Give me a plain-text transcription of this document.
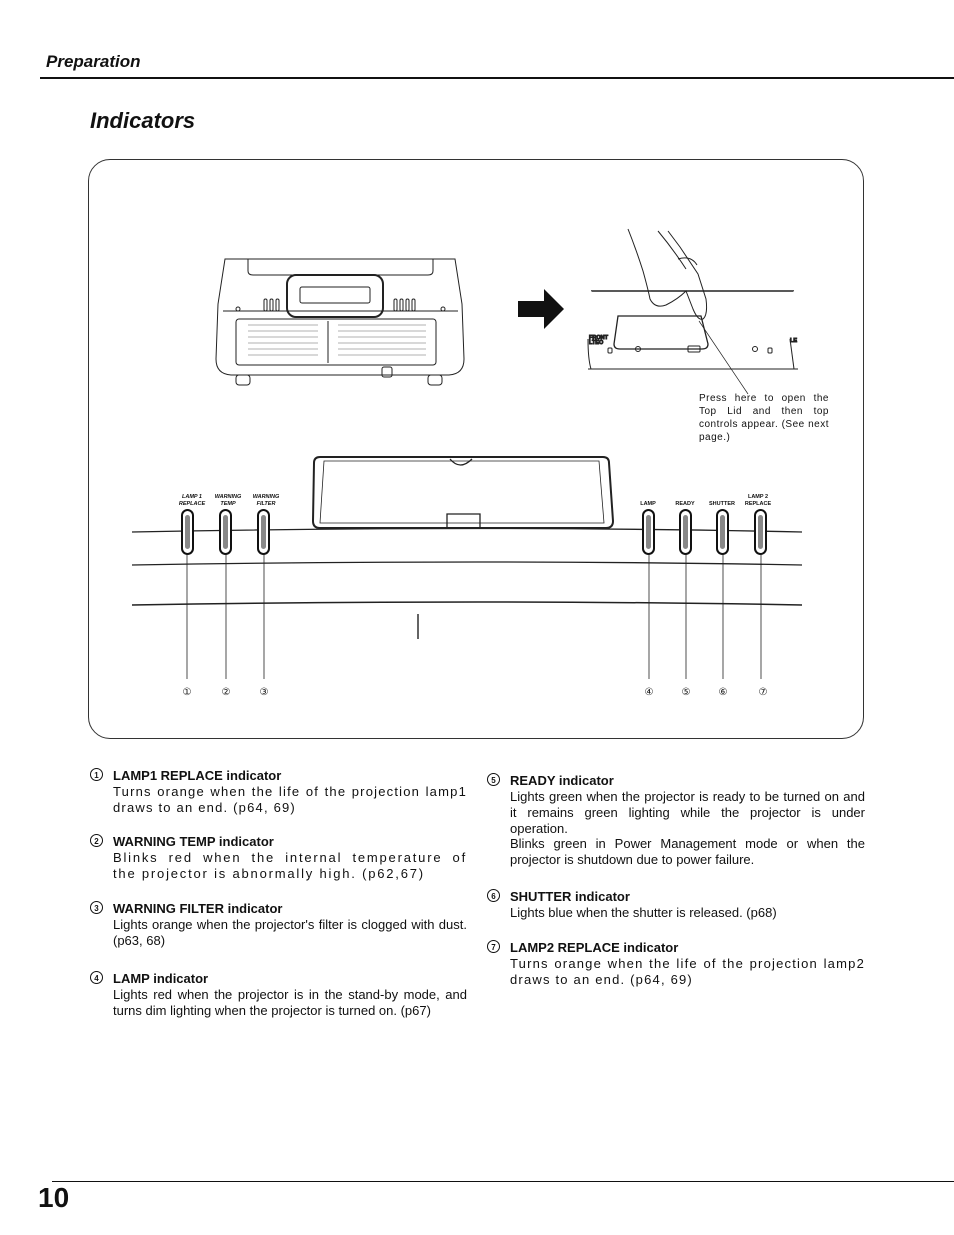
Preparation
Indicators
FRONT
LTEO	LE
LAMP 1
REPLACE
WARNING
TEMP
WARNING
FILTER	LAMP	READY	SHUTTER
LAMP 2
REPLACE
①	②	③	④	⑤	⑥	⑦

Press here to open the Top Lid and then top controls appear. (See next page.)

1	LAMP1 REPLACE indicator

Turns orange when the life of the projection lamp1 draws to an end. (p64, 69)

2	WARNING TEMP indicator

Blinks red when the internal temperature of the projector is abnormally high. (p62,67)

3	WARNING FILTER indicator

Lights orange when the projector's filter is clogged with dust. (p63, 68)

4	LAMP indicator

Lights red when the projector is in the stand-by mode, and turns dim lighting when the projector is turned on. (p67)

5	READY indicator

Lights green when the projector is ready to be turned on and it remains green lighting while the projector is under operation.

Blinks green in Power Management mode or when the projector is shutdown due to power failure.

6	SHUTTER indicator

Lights blue when the shutter is released. (p68)

7	LAMP2 REPLACE indicator

Turns orange when the life of the projection lamp2 draws to an end. (p64, 69)

10
